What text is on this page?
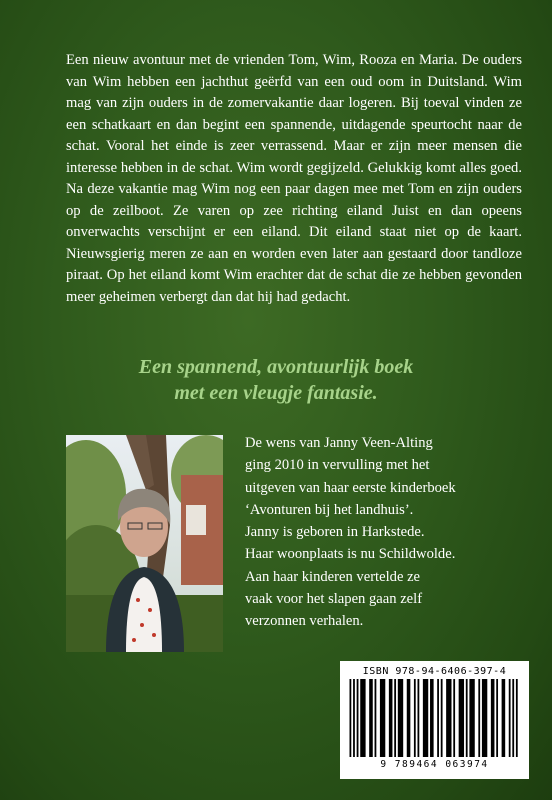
Een nieuw avontuur met de vrienden Tom, Wim, Rooza en Maria. De ouders van Wim hebben een jachthut geërfd van een oud oom in Duitsland. Wim mag van zijn ouders in de zomervakantie daar logeren. Bij toeval vinden ze een schatkaart en dan begint een spannende, uitdagende speurtocht naar de schat. Vooral het einde is zeer verrassend. Maar er zijn meer mensen die interesse hebben in de schat. Wim wordt gegijzeld. Gelukkig komt alles goed. Na deze vakantie mag Wim nog een paar dagen mee met Tom en zijn ouders op de zeilboot. Ze varen op zee richting eiland Juist en dan opeens onverwachts verschijnt er een eiland. Dit eiland staat niet op de kaart. Nieuwsgierig meren ze aan en worden even later aan gestaard door tandloze piraat. Op het eiland komt Wim erachter dat de schat die ze hebben gevonden meer geheimen verbergt dan dat hij had gedacht.

Een spannend, avontuurlijk boek
met een vleugje fantasie.
De wens van Janny Veen-Alting
ging 2010 in vervulling met het
uitgeven van haar eerste kinderboek
‘Avonturen bij het landhuis’.
Janny is geboren in Harkstede.
Haar woonplaats is nu Schildwolde.
Aan haar kinderen vertelde ze
vaak voor het slapen gaan zelf
verzonnen verhalen.
ISBN 978-94-6406-397-4
9 789464 063974
